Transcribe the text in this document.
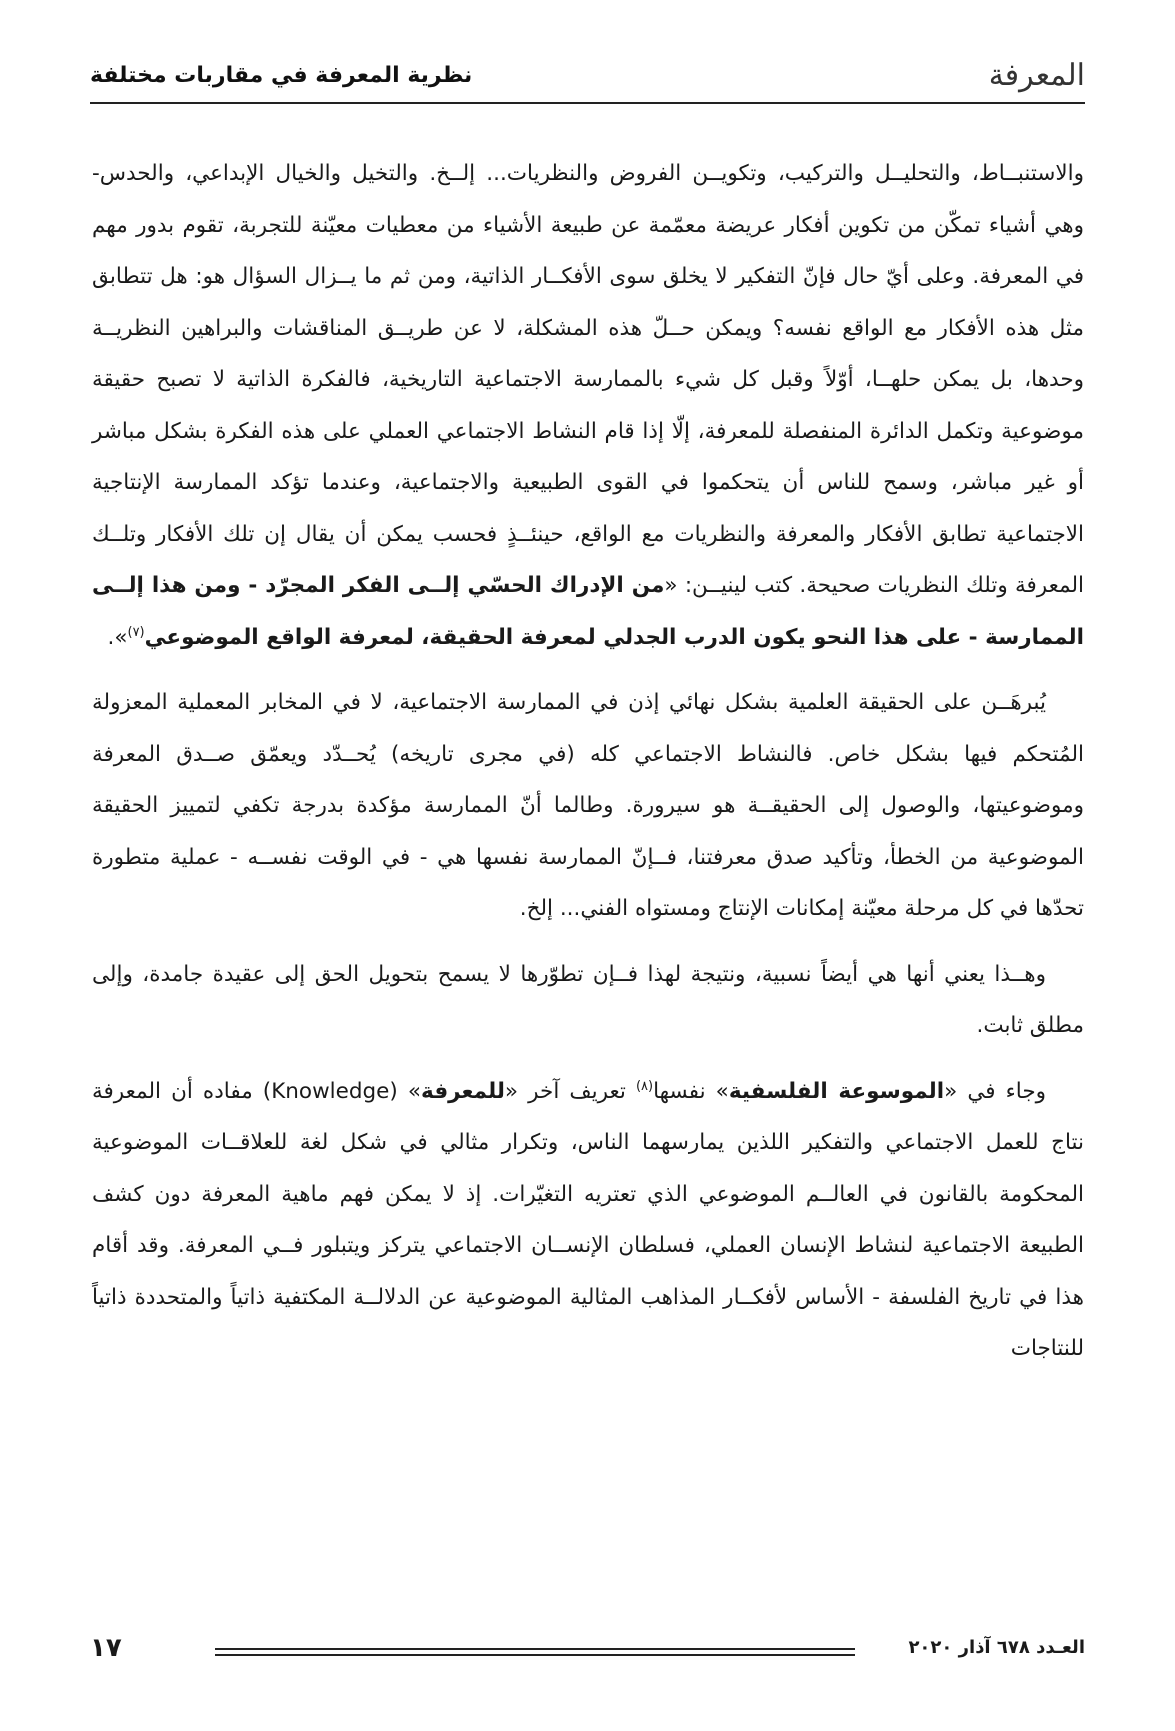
المعرفة
نظرية المعرفة في مقاربات مختلفة

والاستنبــاط، والتحليــل والتركيب، وتكويــن الفروض والنظريات... إلــخ. والتخيل والخيال الإبداعي، والحدس- وهي أشياء تمكّن من تكوين أفكار عريضة معمّمة عن طبيعة الأشياء من معطيات معيّنة للتجربة، تقوم بدور مهم في المعرفة. وعلى أيّ حال فإنّ التفكير لا يخلق سوى الأفكــار الذاتية، ومن ثم ما يــزال السؤال هو: هل تتطابق مثل هذه الأفكار مع الواقع نفسه؟ ويمكن حــلّ هذه المشكلة، لا عن طريــق المناقشات والبراهين النظريــة وحدها، بل يمكن حلهــا، أوّلاً وقبل كل شيء بالممارسة الاجتماعية التاريخية، فالفكرة الذاتية لا تصبح حقيقة موضوعية وتكمل الدائرة المنفصلة للمعرفة، إلّا إذا قام النشاط الاجتماعي العملي على هذه الفكرة بشكل مباشر أو غير مباشر، وسمح للناس أن يتحكموا في القوى الطبيعية والاجتماعية، وعندما تؤكد الممارسة الإنتاجية الاجتماعية تطابق الأفكار والمعرفة والنظريات مع الواقع، حينئــذٍ فحسب يمكن أن يقال إن تلك الأفكار وتلــك المعرفة وتلك النظريات صحيحة. كتب لينيــن: «من الإدراك الحسّي إلــى الفكر المجرّد - ومن هذا إلــى الممارسة - على هذا النحو يكون الدرب الجدلي لمعرفة الحقيقة، لمعرفة الواقع الموضوعي$^{(٧)}$».

يُبرهَــن على الحقيقة العلمية بشكل نهائي إذن في الممارسة الاجتماعية، لا في المخابر المعملية المعزولة المُتحكم فيها بشكل خاص. فالنشاط الاجتماعي كله (في مجرى تاريخه) يُحــدّد ويعمّق صــدق المعرفة وموضوعيتها، والوصول إلى الحقيقــة هو سيرورة. وطالما أنّ الممارسة مؤكدة بدرجة تكفي لتمييز الحقيقة الموضوعية من الخطأ، وتأكيد صدق معرفتنا، فــإنّ الممارسة نفسها هي - في الوقت نفســه - عملية متطورة تحدّها في كل مرحلة معيّنة إمكانات الإنتاج ومستواه الفني... إلخ.

وهــذا يعني أنها هي أيضاً نسبية، ونتيجة لهذا فــإن تطوّرها لا يسمح بتحويل الحق إلى عقيدة جامدة، وإلى مطلق ثابت.

وجاء في «الموسوعة الفلسفية» نفسها$^{(٨)}$ تعريف آخر «للمعرفة» (Knowledge) مفاده أن المعرفة نتاج للعمل الاجتماعي والتفكير اللذين يمارسهما الناس، وتكرار مثالي في شكل لغة للعلاقــات الموضوعية المحكومة بالقانون في العالــم الموضوعي الذي تعتريه التغيّرات. إذ لا يمكن فهم ماهية المعرفة دون كشف الطبيعة الاجتماعية لنشاط الإنسان العملي، فسلطان الإنســان الاجتماعي يتركز ويتبلور فــي المعرفة. وقد أقام هذا في تاريخ الفلسفة - الأساس لأفكــار المذاهب المثالية الموضوعية عن الدلالــة المكتفية ذاتياً والمتحددة ذاتياً للنتاجات

العـدد ٦٧٨ آذار ٢٠٢٠
١٧
